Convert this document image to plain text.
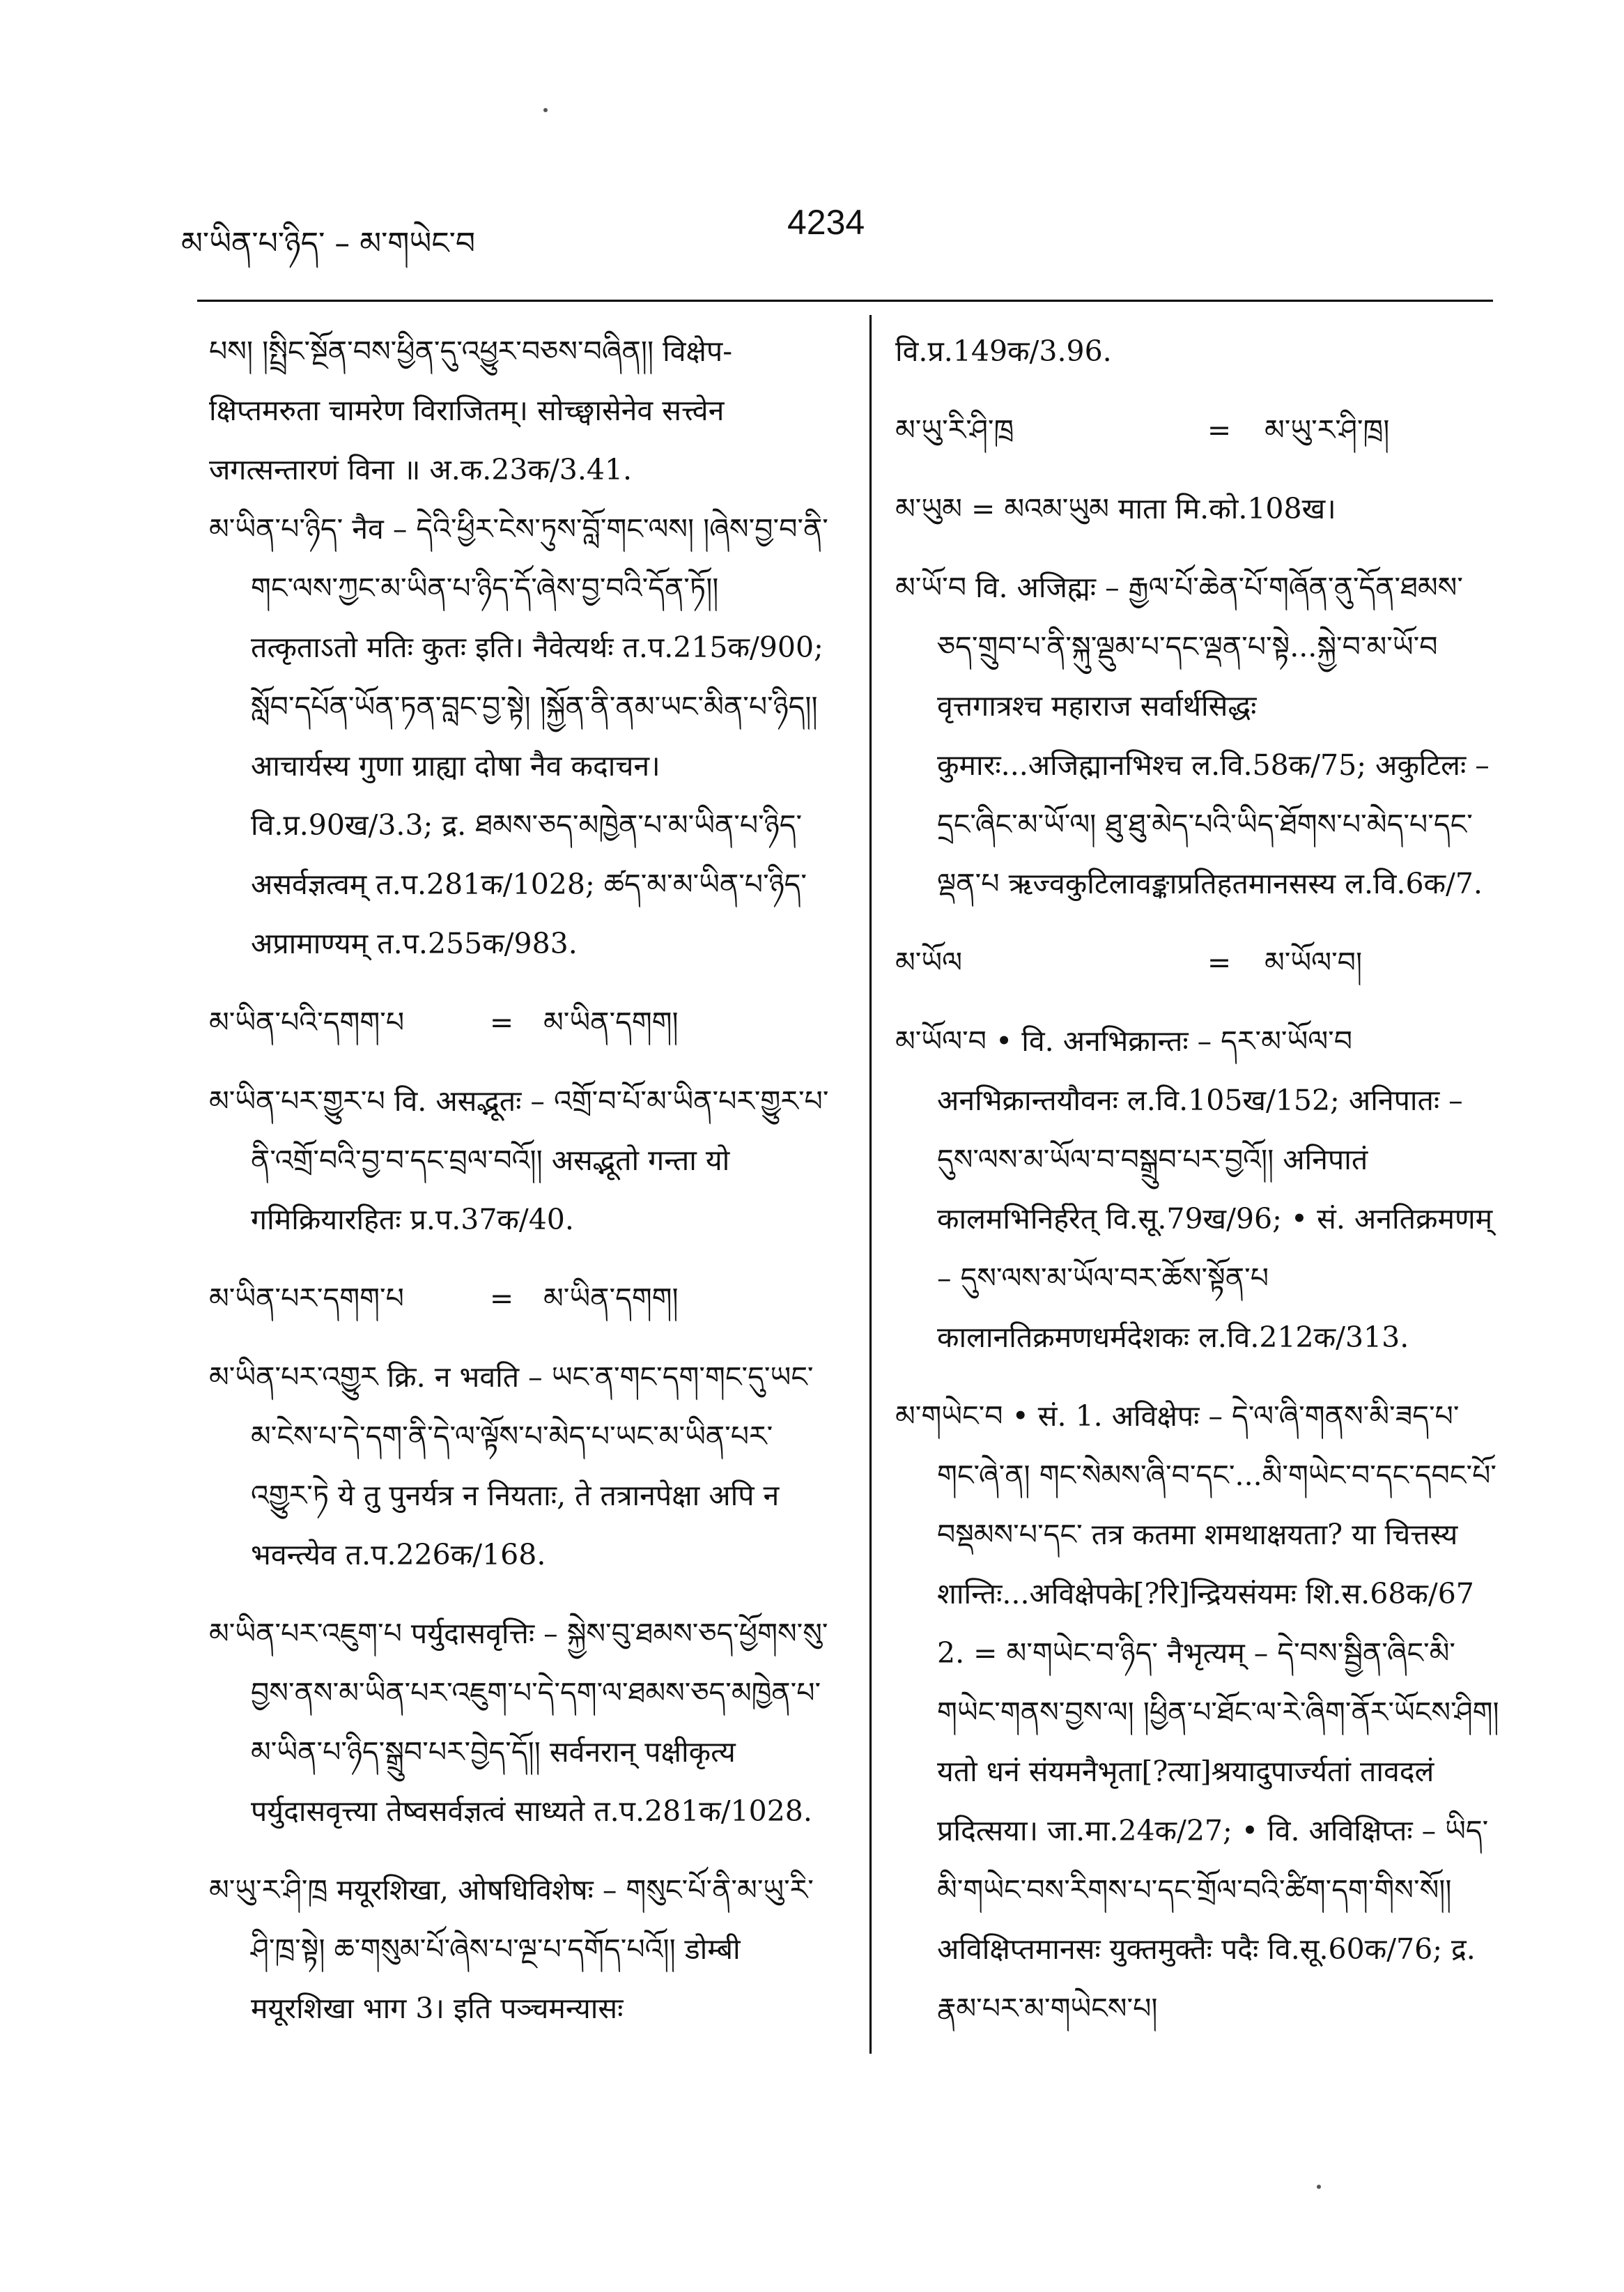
མ་ཡིན་པ་ཉིད་ – མ་གཡེང་བ
4234
པས། །སྤྲིང་སྔོན་བས་ཕྱིན་དུ་འཕྱུར་བཅས་བཞིན།། विक्षेप-क्षिप्तमरुता चामरेण विराजितम्। सोच्छ्वासेनेव सत्त्वेन जगत्सन्तारणं विना ॥ अ.क.23क/3.41.
མ་ཡིན་པ་ཉིད་ नैव – དེའི་ཕྱིར་ངེས་ཏུས་བློ་གང་ལས། །ཞེས་བྱ་བ་ནི་གང་ལས་ཀྱང་མ་ཡིན་པ་ཉིད་དོ་ཞེས་བྱ་བའི་དོན་ཏོ།། तत्कृताऽतो मतिः कुतः इति। नैवेत्यर्थः त.प.215क/900; སློབ་དཔོན་ཡོན་ཏན་བླང་བྱ་སྟེ། །སྐྱོན་ནི་ནམ་ཡང་མིན་པ་ཉིད།། आचार्यस्य गुणा ग्राह्या दोषा नैव कदाचन। वि.प्र.90ख/3.3; द्र. ཐམས་ཅད་མཁྱེན་པ་མ་ཡིན་པ་ཉིད་ असर्वज्ञत्वम् त.प.281क/1028; ཚད་མ་མ་ཡིན་པ་ཉིད་ अप्रामाण्यम् त.प.255क/983.
མ་ཡིན་པའི་དགག་པ	=	མ་ཡིན་དགག།
མ་ཡིན་པར་གྱུར་པ वि. असद्भूतः – འགྲོ་བ་པོ་མ་ཡིན་པར་གྱུར་པ་ནི་འགྲོ་བའི་བྱ་བ་དང་བྲལ་བའོ།། असद्भूतो गन्ता यो गमिक्रियारहितः प्र.प.37क/40.
མ་ཡིན་པར་དགག་པ	=	མ་ཡིན་དགག།
མ་ཡིན་པར་འགྱུར क्रि. न भवति – ཡང་ན་གང་དག་གང་དུ་ཡང་མ་ངེས་པ་དེ་དག་ནི་དེ་ལ་ལྟོས་པ་མེད་པ་ཡང་མ་ཡིན་པར་འགྱུར་ཏེ ये तु पुनर्यत्र न नियताः, ते तत्रानपेक्षा अपि न भवन्त्येव त.प.226क/168.
མ་ཡིན་པར་འཇུག་པ पर्युदासवृत्तिः – སྐྱེས་བུ་ཐམས་ཅད་ཕྱོགས་སུ་བྱས་ནས་མ་ཡིན་པར་འཇུག་པ་དེ་དག་ལ་ཐམས་ཅད་མཁྱེན་པ་མ་ཡིན་པ་ཉིད་སྒྲུབ་པར་བྱེད་དོ།། सर्वनरान् पक्षीकृत्य पर्युदासवृत्त्या तेष्वसर्वज्ञत्वं साध्यते त.प.281क/1028.
མ་ཡུ་ར་ཤི་ཁྲ मयूरशिखा, ओषधिविशेषः – གསུང་པོ་ནི་མ་ཡུ་རི་ཤི་ཁྲ་སྟེ། ཆ་གསུམ་པོ་ཞེས་པ་ལྔ་པ་དགོད་པའོ།། डोम्बी मयूरशिखा भाग 3। इति पञ्चमन्यासः
वि.प्र.149क/3.96.
མ་ཡུ་རི་ཤི་ཁྲ	=	མ་ཡུ་ར་ཤི་ཁྲ།
མ་ཡུམ = མའམ་ཡུམ माता मि.को.108ख।
མ་ཡོ་བ वि. अजिह्मः – རྒྱལ་པོ་ཆེན་པོ་གཞོན་ནུ་དོན་ཐམས་ཅད་གྲུབ་པ་ནི་སྐུ་ལྡུམ་པ་དང་ལྡན་པ་སྟེ...སྐྱེ་བ་མ་ཡོ་བ वृत्तगात्रश्च महाराज सर्वार्थसिद्धः कुमारः...अजिह्मानभिश्च ल.वि.58क/75; अकुटिलः – དྲང་ཞིང་མ་ཡོ་ལ། ཐུ་ཐུ་མེད་པའི་ཡིད་ཐོགས་པ་མེད་པ་དང་ལྡན་པ ऋज्वकुटिलावङ्काप्रतिहतमानसस्य ल.वि.6क/7.
མ་ཡོལ	=	མ་ཡོལ་བ།
མ་ཡོལ་བ • वि. अनभिक्रान्तः – དར་མ་ཡོལ་བ अनभिक्रान्तयौवनः ल.वि.105ख/152; अनिपातः – དུས་ལས་མ་ཡོལ་བ་བསྒྲུབ་པར་བྱའོ།། अनिपातं कालमभिनिर्हरेत् वि.सू.79ख/96; • सं. अनतिक्रमणम् – དུས་ལས་མ་ཡོལ་བར་ཆོས་སྟོན་པ कालानतिक्रमणधर्मदेशकः ल.वि.212क/313.
མ་གཡེང་བ • सं. 1. अविक्षेपः – དེ་ལ་ཞི་གནས་མི་ཟད་པ་གང་ཞེ་ན། གང་སེམས་ཞི་བ་དང་...མི་གཡེང་བ་དང་དབང་པོ་བསྡམས་པ་དང་ तत्र कतमा शमथाक्षयता? या चित्तस्य शान्तिः...अविक्षेपके[?रि]न्द्रियसंयमः शि.स.68क/67 2. = མ་གཡེང་བ་ཉིད་ नैभृत्यम् – དེ་བས་སྦྱིན་ཞིང་མི་གཡེང་གནས་བྱས་ལ། །ཕྱིན་པ་ཐོང་ལ་རེ་ཞིག་ནོར་ཡོངས་ཤིག། यतो धनं संयमनैभृता[?त्या]श्रयादुपार्ज्यतां तावदलं प्रदित्सया। जा.मा.24क/27; • वि. अविक्षिप्तः – ཡིད་མི་གཡེང་བས་རིགས་པ་དང་གྲོལ་བའི་ཚིག་དག་གིས་སོ།། अविक्षिप्तमानसः युक्तमुक्तैः पदैः वि.सू.60क/76; द्र. རྣམ་པར་མ་གཡེངས་པ།
